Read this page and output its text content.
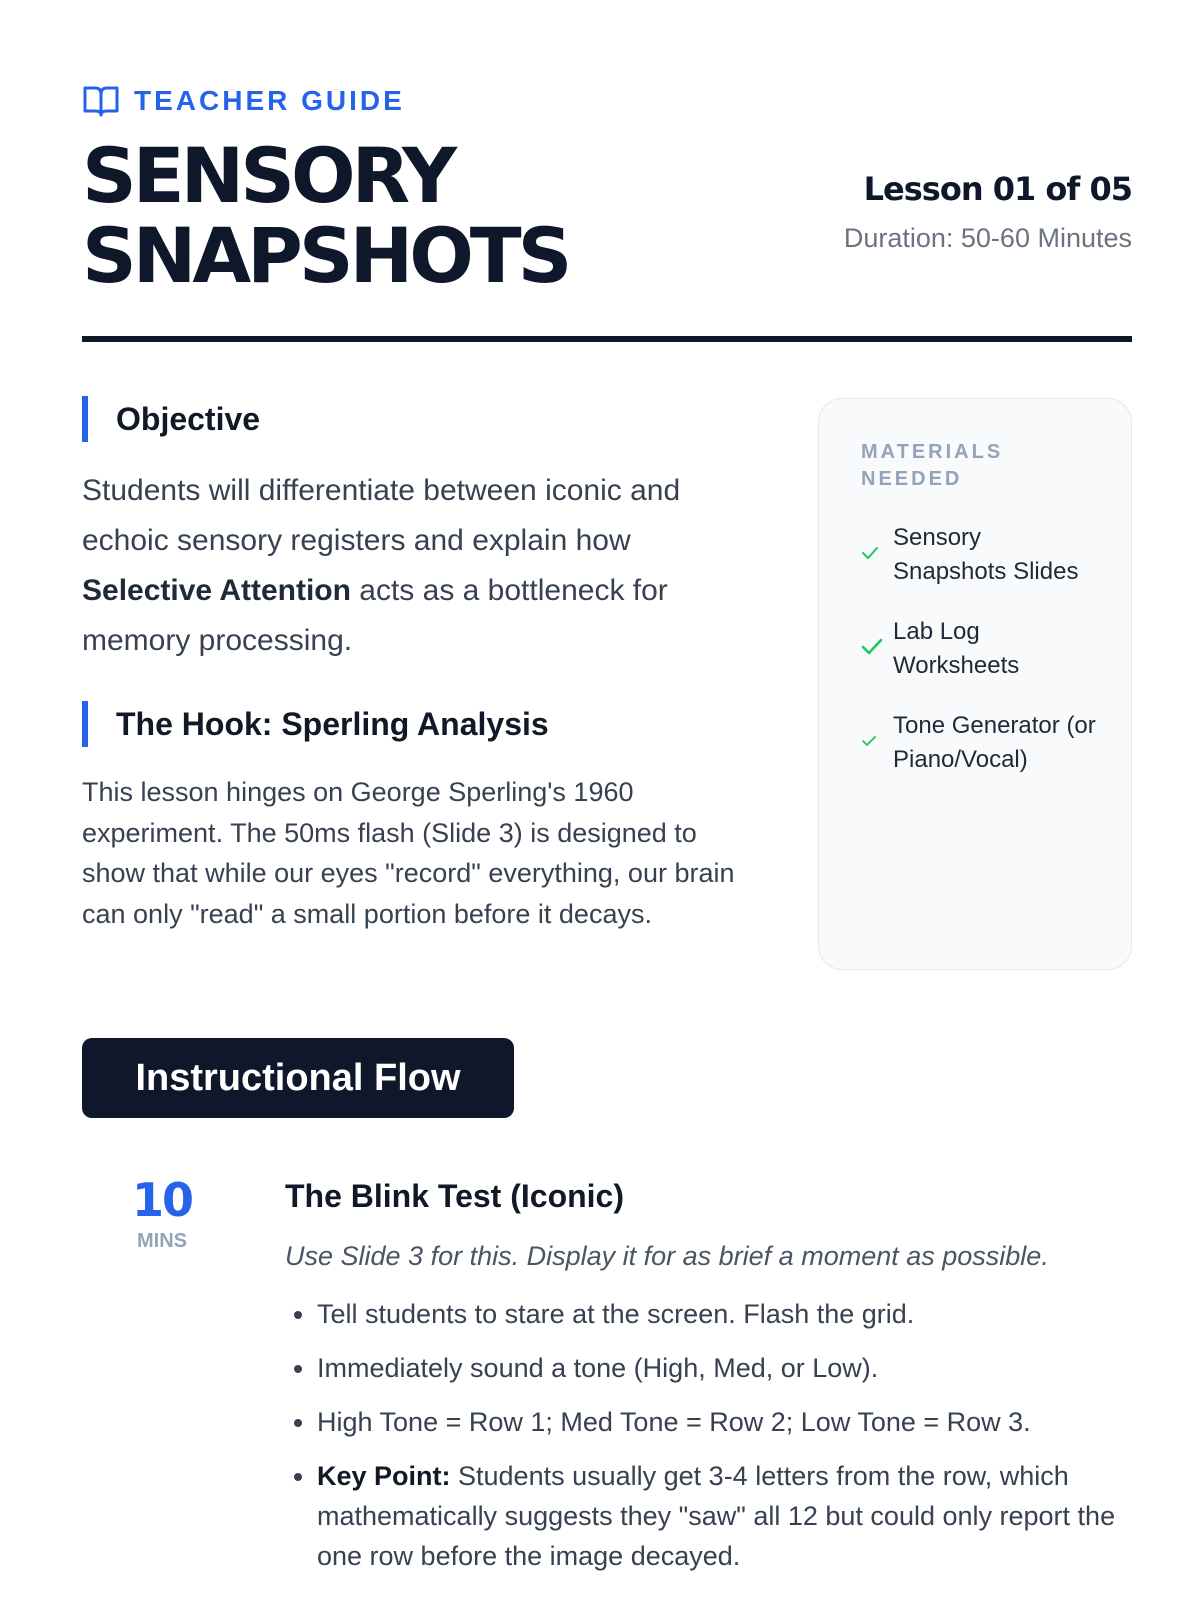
TEACHER GUIDE
SENSORY
SNAPSHOTS
Lesson 01 of 05
Duration: 50-60 Minutes
Objective

Students will differentiate between iconic and echoic sensory registers and explain how Selective Attention acts as a bottleneck for memory processing.

The Hook: Sperling Analysis

This lesson hinges on George Sperling's 1960 experiment. The 50ms flash (Slide 3) is designed to show that while our eyes "record" everything, our brain can only "read" a small portion before it decays.

MATERIALS NEEDED
Sensory Snapshots Slides
Lab Log Worksheets
Tone Generator (or Piano/Vocal)
Instructional Flow
10
MINS
The Blink Test (Iconic)

Use Slide 3 for this. Display it for as brief a moment as possible.

• Tell students to stare at the screen. Flash the grid.
• Immediately sound a tone (High, Med, or Low).
• High Tone = Row 1; Med Tone = Row 2; Low Tone = Row 3.
• Key Point: Students usually get 3-4 letters from the row, which mathematically suggests they "saw" all 12 but could only report the one row before the image decayed.
